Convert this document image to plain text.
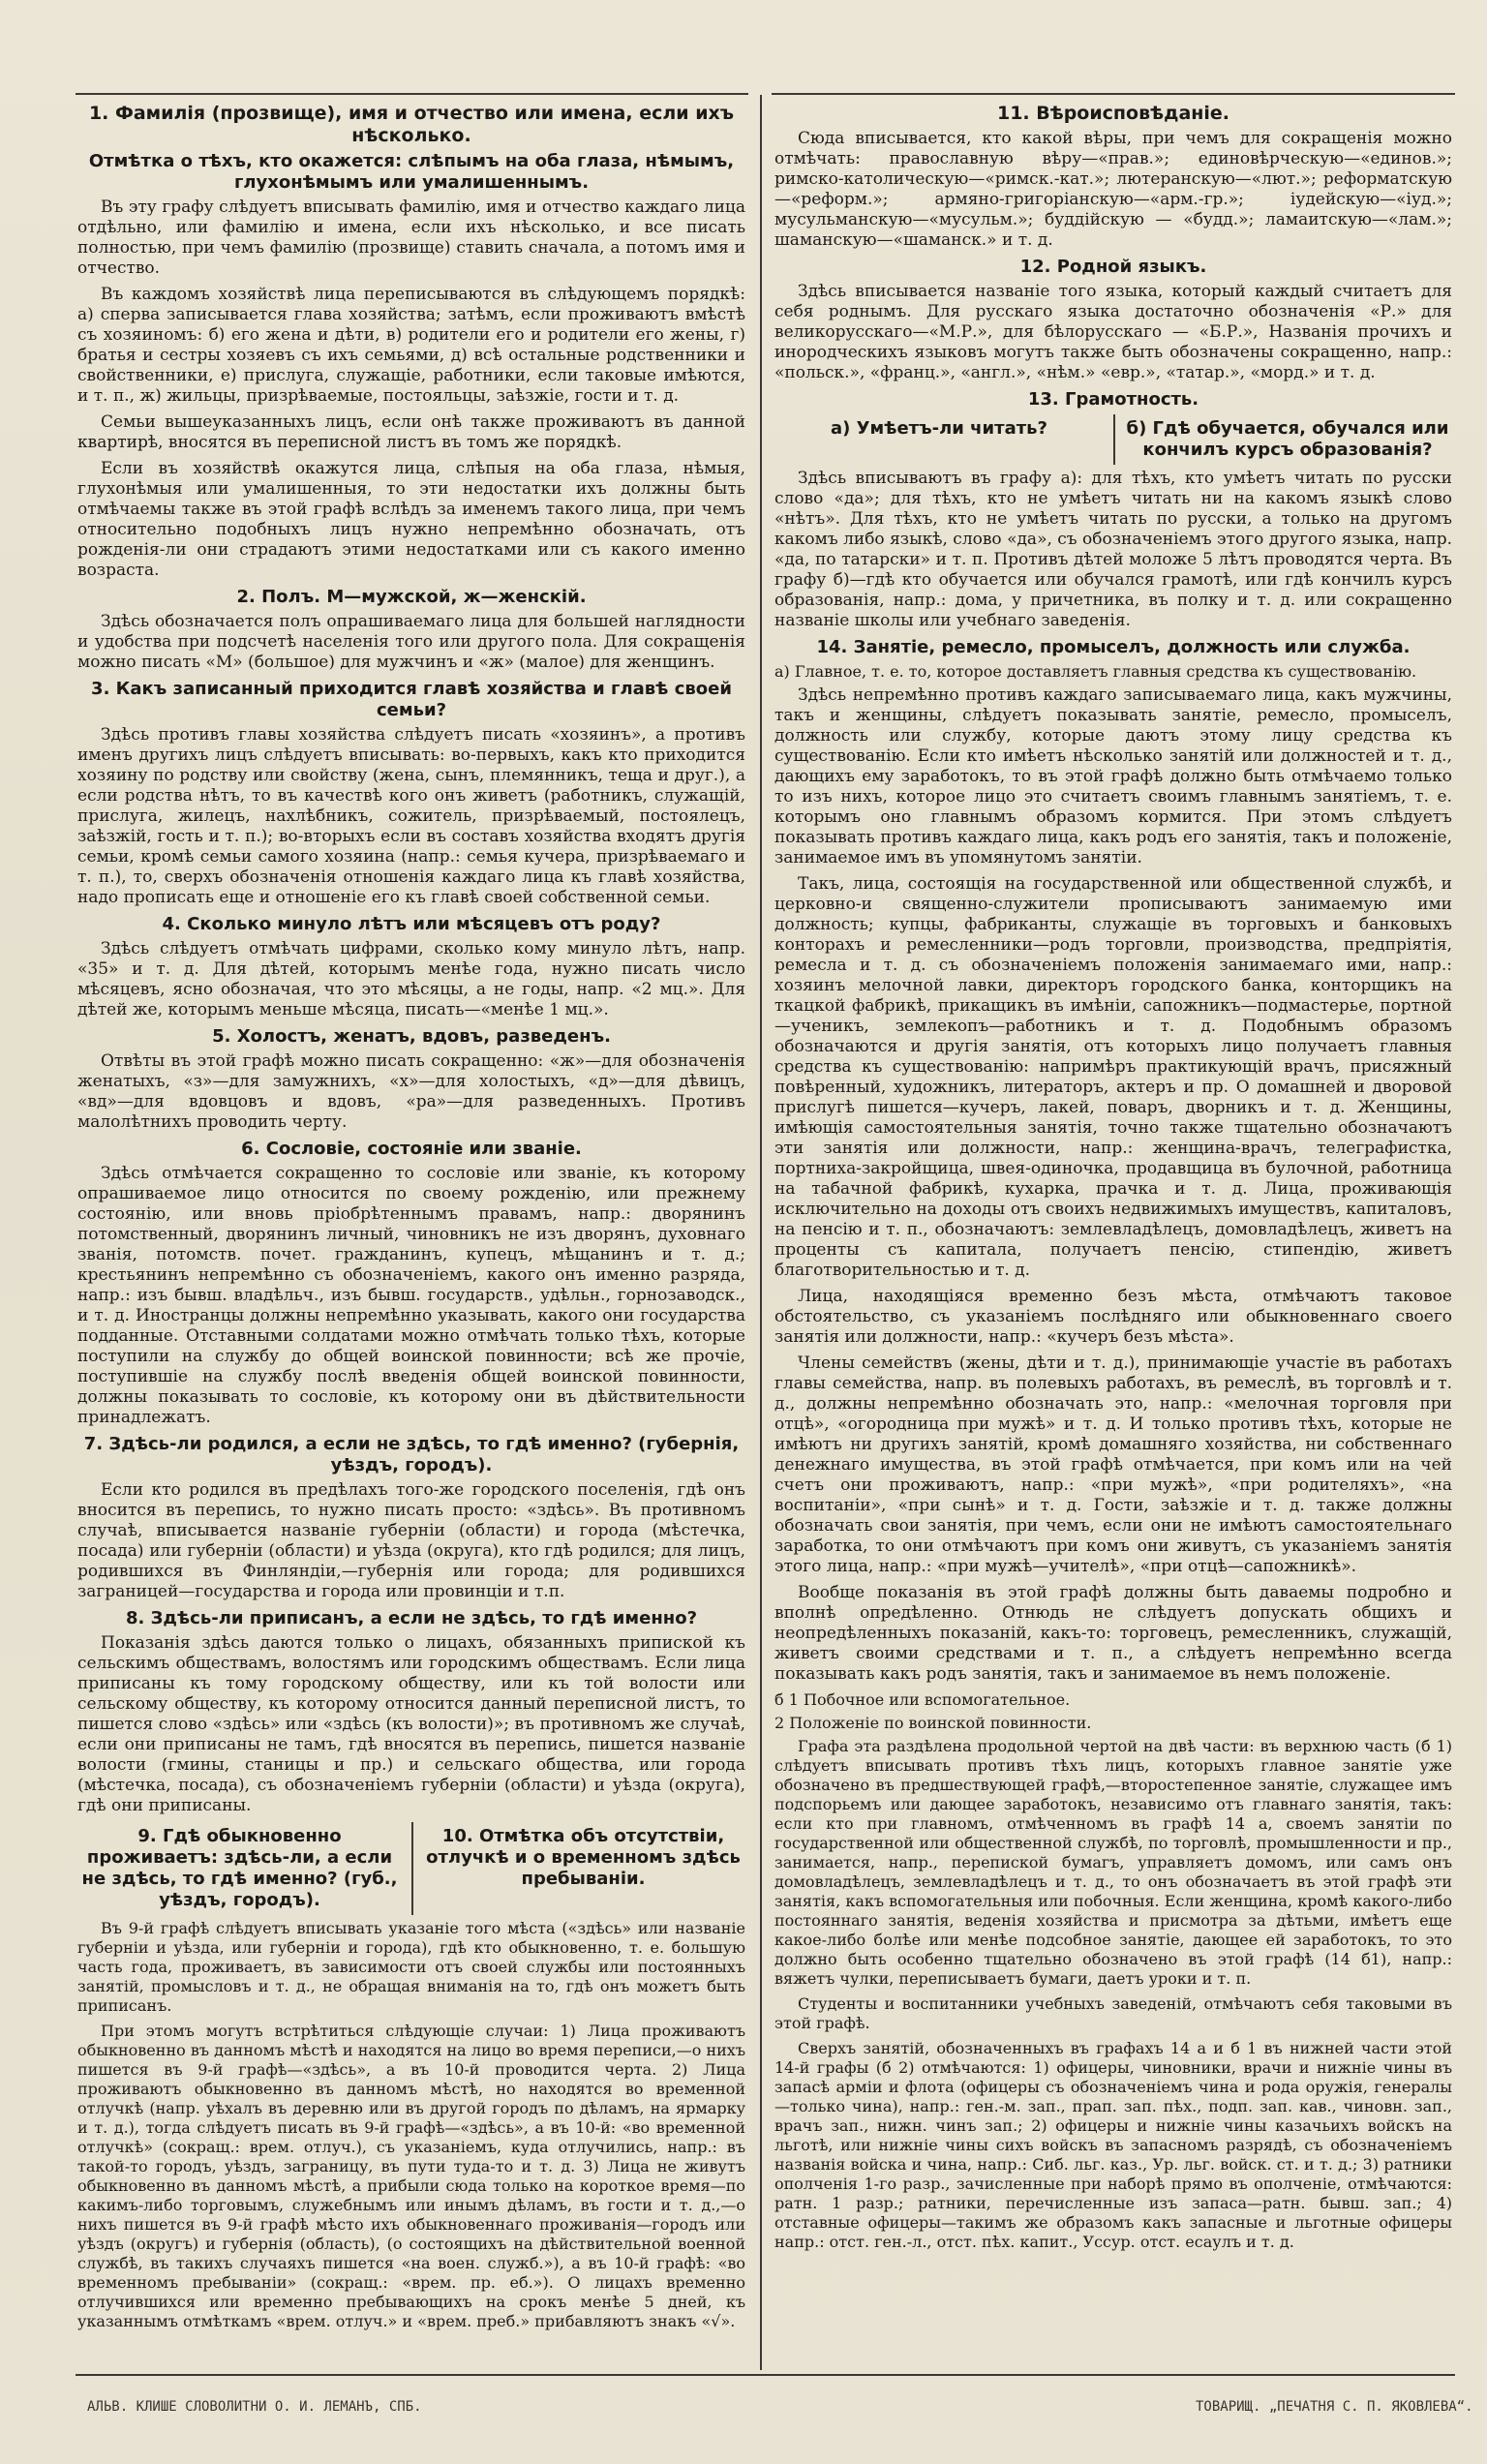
1. Фамилія (прозвище), имя и отчество или имена, если ихъ нѣсколько.
Отмѣтка о тѣхъ, кто окажется: слѣпымъ на оба глаза, нѣмымъ, глухонѣмымъ или умалишеннымъ.

Въ эту графу слѣдуетъ вписывать фамилію, имя и отчество каждаго лица отдѣльно, или фамилію и имена, если ихъ нѣсколько, и все писать полностью, при чемъ фамилію (прозвище) ставить сначала, а потомъ имя и отчество.

Въ каждомъ хозяйствѣ лица переписываются въ слѣдующемъ порядкѣ: а) сперва записывается глава хозяйства; затѣмъ, если проживаютъ вмѣстѣ съ хозяиномъ: б) его жена и дѣти, в) родители его и родители его жены, г) братья и сестры хозяевъ съ ихъ семьями, д) всѣ остальные родственники и свойственники, е) прислуга, служащіе, работники, если таковые имѣются, и т. п., ж) жильцы, призрѣваемые, постояльцы, заѣзжіе, гости и т. д.

Семьи вышеуказанныхъ лицъ, если онѣ также проживаютъ въ данной квартирѣ, вносятся въ переписной листъ въ томъ же порядкѣ.

Если въ хозяйствѣ окажутся лица, слѣпыя на оба глаза, нѣмыя, глухонѣмыя или умалишенныя, то эти недостатки ихъ должны быть отмѣчаемы также въ этой графѣ вслѣдъ за именемъ такого лица, при чемъ относительно подобныхъ лицъ нужно непремѣнно обозначать, отъ рожденія-ли они страдаютъ этими недостатками или съ какого именно возраста.

2. Полъ. М—мужской, ж—женскій.

Здѣсь обозначается полъ опрашиваемаго лица для большей наглядности и удобства при подсчетѣ населенія того или другого пола. Для сокращенія можно писать «М» (большое) для мужчинъ и «ж» (малое) для женщинъ.

3. Какъ записанный приходится главѣ хозяйства и главѣ своей семьи?

Здѣсь противъ главы хозяйства слѣдуетъ писать «хозяинъ», а противъ именъ другихъ лицъ слѣдуетъ вписывать: во-первыхъ, какъ кто приходится хозяину по родству или свойству (жена, сынъ, племянникъ, теща и друг.), а если родства нѣтъ, то въ качествѣ кого онъ живетъ (работникъ, служащій, прислуга, жилецъ, нахлѣбникъ, сожитель, призрѣваемый, постоялецъ, заѣзжій, гость и т. п.); во-вторыхъ если въ составъ хозяйства входятъ другія семьи, кромѣ семьи самого хозяина (напр.: семья кучера, призрѣваемаго и т. п.), то, сверхъ обозначенія отношенія каждаго лица къ главѣ хозяйства, надо прописать еще и отношеніе его къ главѣ своей собственной семьи.

4. Сколько минуло лѣтъ или мѣсяцевъ отъ роду?

Здѣсь слѣдуетъ отмѣчать цифрами, сколько кому минуло лѣтъ, напр. «35» и т. д. Для дѣтей, которымъ менѣе года, нужно писать число мѣсяцевъ, ясно обозначая, что это мѣсяцы, а не годы, напр. «2 мц.». Для дѣтей же, которымъ меньше мѣсяца, писать—«менѣе 1 мц.».

5. Холостъ, женатъ, вдовъ, разведенъ.

Отвѣты въ этой графѣ можно писать сокращенно: «ж»—для обозначенія женатыхъ, «з»—для замужнихъ, «х»—для холостыхъ, «д»—для дѣвицъ, «вд»—для вдовцовъ и вдовъ, «ра»—для разведенныхъ. Противъ малолѣтнихъ проводить черту.

6. Сословіе, состояніе или званіе.

Здѣсь отмѣчается сокращенно то сословіе или званіе, къ которому опрашиваемое лицо относится по своему рожденію, или прежнему состоянію, или вновь пріобрѣтеннымъ правамъ, напр.: дворянинъ потомственный, дворянинъ личный, чиновникъ не изъ дворянъ, духовнаго званія, потомств. почет. гражданинъ, купецъ, мѣщанинъ и т. д.; крестьянинъ непремѣнно съ обозначеніемъ, какого онъ именно разряда, напр.: изъ бывш. владѣльч., изъ бывш. государств., удѣльн., горнозаводск., и т. д. Иностранцы должны непремѣнно указывать, какого они государства подданные. Отставными солдатами можно отмѣчать только тѣхъ, которые поступили на службу до общей воинской повинности; всѣ же прочіе, поступившіе на службу послѣ введенія общей воинской повинности, должны показывать то сословіе, къ которому они въ дѣйствительности принадлежатъ.

7. Здѣсь-ли родился, а если не здѣсь, то гдѣ именно? (губернія, уѣздъ, городъ).

Если кто родился въ предѣлахъ того-же городского поселенія, гдѣ онъ вносится въ перепись, то нужно писать просто: «здѣсь». Въ противномъ случаѣ, вписывается названіе губерніи (области) и города (мѣстечка, посада) или губерніи (области) и уѣзда (округа), кто гдѣ родился; для лицъ, родившихся въ Финляндіи,—губернія или города; для родившихся заграницей—государства и города или провинціи и т.п.

8. Здѣсь-ли приписанъ, а если не здѣсь, то гдѣ именно?

Показанія здѣсь даются только о лицахъ, обязанныхъ припиской къ сельскимъ обществамъ, волостямъ или городскимъ обществамъ. Если лица приписаны къ тому городскому обществу, или къ той волости или сельскому обществу, къ которому относится данный переписной листъ, то пишется слово «здѣсь» или «здѣсь (къ волости)»; въ противномъ же случаѣ, если они приписаны не тамъ, гдѣ вносятся въ перепись, пишется названіе волости (гмины, станицы и пр.) и сельскаго общества, или города (мѣстечка, посада), съ обозначеніемъ губерніи (области) и уѣзда (округа), гдѣ они приписаны.

9. Гдѣ обыкновенно проживаетъ: здѣсь-ли, а если не здѣсь, то гдѣ именно? (губ., уѣздъ, городъ).
10. Отмѣтка объ отсутствіи, отлучкѣ и о временномъ здѣсь пребываніи.

Въ 9-й графѣ слѣдуетъ вписывать указаніе того мѣста («здѣсь» или названіе губерніи и уѣзда, или губерніи и города), гдѣ кто обыкновенно, т. е. большую часть года, проживаетъ, въ зависимости отъ своей службы или постоянныхъ занятій, промысловъ и т. д., не обращая вниманія на то, гдѣ онъ можетъ быть приписанъ.

При этомъ могутъ встрѣтиться слѣдующіе случаи: 1) Лица проживаютъ обыкновенно въ данномъ мѣстѣ и находятся на лицо во время переписи,—о нихъ пишется въ 9-й графѣ—«здѣсь», а въ 10-й проводится черта. 2) Лица проживаютъ обыкновенно въ данномъ мѣстѣ, но находятся во временной отлучкѣ (напр. уѣхалъ въ деревню или въ другой городъ по дѣламъ, на ярмарку и т. д.), тогда слѣдуетъ писать въ 9-й графѣ—«здѣсь», а въ 10-й: «во временной отлучкѣ» (сокращ.: врем. отлуч.), съ указаніемъ, куда отлучились, напр.: въ такой-то городъ, уѣздъ, заграницу, въ пути туда-то и т. д. 3) Лица не живутъ обыкновенно въ данномъ мѣстѣ, а прибыли сюда только на короткое время—по какимъ-либо торговымъ, служебнымъ или инымъ дѣламъ, въ гости и т. д.,—о нихъ пишется въ 9-й графѣ мѣсто ихъ обыкновеннаго проживанія—городъ или уѣздъ (округъ) и губернія (область), (о состоящихъ на дѣйствительной военной службѣ, въ такихъ случаяхъ пишется «на воен. служб.»), а въ 10-й графѣ: «во временномъ пребываніи» (сокращ.: «врем. пр. еб.»). О лицахъ временно отлучившихся или временно пребывающихъ на срокъ менѣе 5 дней, къ указаннымъ отмѣткамъ «врем. отлуч.» и «врем. преб.» прибавляютъ знакъ «√».

11. Вѣроисповѣданіе.

Сюда вписывается, кто какой вѣры, при чемъ для сокращенія можно отмѣчать: православную вѣру—«прав.»; единовѣрческую—«единов.»; римско-католическую—«римск.-кат.»; лютеранскую—«лют.»; реформатскую—«реформ.»; армяно-григоріанскую—«арм.-гр.»; іудейскую—«іуд.»; мусульманскую—«мусульм.»; буддійскую — «будд.»; ламаитскую—«лам.»; шаманскую—«шаманск.» и т. д.

12. Родной языкъ.

Здѣсь вписывается названіе того языка, который каждый считаетъ для себя роднымъ. Для русскаго языка достаточно обозначенія «Р.» для великорусскаго—«М.Р.», для бѣлорусскаго — «Б.Р.», Названія прочихъ и инородческихъ языковъ могутъ также быть обозначены сокращенно, напр.: «польск.», «франц.», «англ.», «нѣм.» «евр.», «татар.», «морд.» и т. д.

13. Грамотность.
а) Умѣетъ-ли читать?	б) Гдѣ обучается, обучался или кончилъ курсъ образованія?

Здѣсь вписываютъ въ графу а): для тѣхъ, кто умѣетъ читать по русски слово «да»; для тѣхъ, кто не умѣетъ читать ни на какомъ языкѣ слово «нѣтъ». Для тѣхъ, кто не умѣетъ читать по русски, а только на другомъ какомъ либо языкѣ, слово «да», съ обозначеніемъ этого другого языка, напр. «да, по татарски» и т. п. Противъ дѣтей моложе 5 лѣтъ проводятся черта. Въ графу б)—гдѣ кто обучается или обучался грамотѣ, или гдѣ кончилъ курсъ образованія, напр.: дома, у причетника, въ полку и т. д. или сокращенно названіе школы или учебнаго заведенія.

14. Занятіе, ремесло, промыселъ, должность или служба.
а) Главное, т. е. то, которое доставляетъ главныя средства къ существованію.

Здѣсь непремѣнно противъ каждаго записываемаго лица, какъ мужчины, такъ и женщины, слѣдуетъ показывать занятіе, ремесло, промыселъ, должность или службу, которые даютъ этому лицу средства къ существованію. Если кто имѣетъ нѣсколько занятій или должностей и т. д., дающихъ ему заработокъ, то въ этой графѣ должно быть отмѣчаемо только то изъ нихъ, которое лицо это считаетъ своимъ главнымъ занятіемъ, т. е. которымъ оно главнымъ образомъ кормится. При этомъ слѣдуетъ показывать противъ каждаго лица, какъ родъ его занятія, такъ и положеніе, занимаемое имъ въ упомянутомъ занятіи.

Такъ, лица, состоящія на государственной или общественной службѣ, и церковно-и священно-служители прописываютъ занимаемую ими должность; купцы, фабриканты, служащіе въ торговыхъ и банковыхъ конторахъ и ремесленники—родъ торговли, производства, предпріятія, ремесла и т. д. съ обозначеніемъ положенія занимаемаго ими, напр.: хозяинъ мелочной лавки, директоръ городского банка, конторщикъ на ткацкой фабрикѣ, прикащикъ въ имѣніи, сапожникъ—подмастерье, портной—ученикъ, землекопъ—работникъ и т. д. Подобнымъ образомъ обозначаются и другія занятія, отъ которыхъ лицо получаетъ главныя средства къ существованію: напримѣръ практикующій врачъ, присяжный повѣренный, художникъ, литераторъ, актеръ и пр. О домашней и дворовой прислугѣ пишется—кучеръ, лакей, поваръ, дворникъ и т. д. Женщины, имѣющія самостоятельныя занятія, точно также тщательно обозначаютъ эти занятія или должности, напр.: женщина-врачъ, телеграфистка, портниха-закройщица, швея-одиночка, продавщица въ булочной, работница на табачной фабрикѣ, кухарка, прачка и т. д. Лица, проживающія исключительно на доходы отъ своихъ недвижимыхъ имуществъ, капиталовъ, на пенсію и т. п., обозначаютъ: землевладѣлецъ, домовладѣлецъ, живетъ на проценты съ капитала, получаетъ пенсію, стипендію, живетъ благотворительностью и т. д.

Лица, находящіяся временно безъ мѣста, отмѣчаютъ таковое обстоятельство, съ указаніемъ послѣдняго или обыкновеннаго своего занятія или должности, напр.: «кучеръ безъ мѣста».

Члены семействъ (жены, дѣти и т. д.), принимающіе участіе въ работахъ главы семейства, напр. въ полевыхъ работахъ, въ ремеслѣ, въ торговлѣ и т. д., должны непремѣнно обозначать это, напр.: «мелочная торговля при отцѣ», «огородница при мужѣ» и т. д. И только противъ тѣхъ, которые не имѣютъ ни другихъ занятій, кромѣ домашняго хозяйства, ни собственнаго денежнаго имущества, въ этой графѣ отмѣчается, при комъ или на чей счетъ они проживаютъ, напр.: «при мужѣ», «при родителяхъ», «на воспитаніи», «при сынѣ» и т. д. Гости, заѣзжіе и т. д. также должны обозначать свои занятія, при чемъ, если они не имѣютъ самостоятельнаго заработка, то они отмѣчаютъ при комъ они живутъ, съ указаніемъ занятія этого лица, напр.: «при мужѣ—учителѣ», «при отцѣ—сапожникѣ».

Вообще показанія въ этой графѣ должны быть даваемы подробно и вполнѣ опредѣленно. Отнюдь не слѣдуетъ допускать общихъ и неопредѣленныхъ показаній, какъ-то: торговецъ, ремесленникъ, служащій, живетъ своими средствами и т. п., а слѣдуетъ непремѣнно всегда показывать какъ родъ занятія, такъ и занимаемое въ немъ положеніе.

б 1 Побочное или вспомогательное.
2 Положеніе по воинской повинности.

Графа эта раздѣлена продольной чертой на двѣ части: въ верхнюю часть (б 1) слѣдуетъ вписывать противъ тѣхъ лицъ, которыхъ главное занятіе уже обозначено въ предшествующей графѣ,—второстепенное занятіе, служащее имъ подспорьемъ или дающее заработокъ, независимо отъ главнаго занятія, такъ: если кто при главномъ, отмѣченномъ въ графѣ 14 а, своемъ занятіи по государственной или общественной службѣ, по торговлѣ, промышленности и пр., занимается, напр., перепиской бумагъ, управляетъ домомъ, или самъ онъ домовладѣлецъ, землевладѣлецъ и т. д., то онъ обозначаетъ въ этой графѣ эти занятія, какъ вспомогательныя или побочныя. Если женщина, кромѣ какого-либо постояннаго занятія, веденія хозяйства и присмотра за дѣтьми, имѣетъ еще какое-либо болѣе или менѣе подсобное занятіе, дающее ей заработокъ, то это должно быть особенно тщательно обозначено въ этой графѣ (14 б1), напр.: вяжетъ чулки, переписываетъ бумаги, даетъ уроки и т. п.

Студенты и воспитанники учебныхъ заведеній, отмѣчаютъ себя таковыми въ этой графѣ.

Сверхъ занятій, обозначенныхъ въ графахъ 14 а и б 1 въ нижней части этой 14-й графы (б 2) отмѣчаются: 1) офицеры, чиновники, врачи и нижніе чины въ запасѣ арміи и флота (офицеры съ обозначеніемъ чина и рода оружія, генералы—только чина), напр.: ген.-м. зап., прап. зап. пѣх., подп. зап. кав., чиновн. зап., врачъ зап., нижн. чинъ зап.; 2) офицеры и нижніе чины казачьихъ войскъ на льготѣ, или нижніе чины сихъ войскъ въ запасномъ разрядѣ, съ обозначеніемъ названія войска и чина, напр.: Сиб. льг. каз., Ур. льг. войск. ст. и т. д.; 3) ратники ополченія 1-го разр., зачисленные при наборѣ прямо въ ополченіе, отмѣчаются: ратн. 1 разр.; ратники, перечисленные изъ запаса—ратн. бывш. зап.; 4) отставные офицеры—такимъ же образомъ какъ запасные и льготные офицеры напр.: отст. ген.-л., отст. пѣх. капит., Уссур. отст. есаулъ и т. д.

АЛЬВ. КЛИШЕ СЛОВОЛИТНИ О. И. ЛЕМАНЪ, СПБ.	ТОВАРИЩ. „ПЕЧАТНЯ С. П. ЯКОВЛЕВА“.
